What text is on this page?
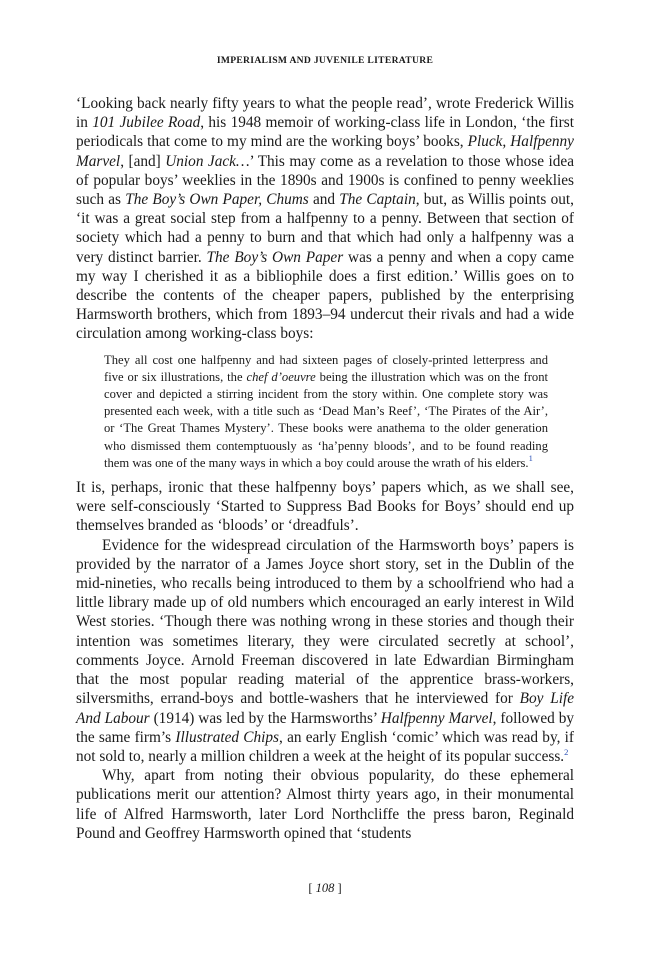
IMPERIALISM AND JUVENILE LITERATURE

‘Looking back nearly fifty years to what the people read’, wrote Frederick Willis in 101 Jubilee Road, his 1948 memoir of working-class life in London, ‘the first periodicals that come to my mind are the working boys’ books, Pluck, Halfpenny Marvel, [and] Union Jack…’ This may come as a revelation to those whose idea of popular boys’ weeklies in the 1890s and 1900s is confined to penny weeklies such as The Boy’s Own Paper, Chums and The Captain, but, as Willis points out, ‘it was a great social step from a halfpenny to a penny. Between that section of society which had a penny to burn and that which had only a halfpenny was a very distinct barrier. The Boy’s Own Paper was a penny and when a copy came my way I cherished it as a bibliophile does a first edition.’ Willis goes on to describe the contents of the cheaper papers, published by the enterprising Harmsworth brothers, which from 1893–94 undercut their rivals and had a wide circulation among working-class boys:

They all cost one halfpenny and had sixteen pages of closely-printed letterpress and five or six illustrations, the chef d’oeuvre being the illustration which was on the front cover and depicted a stirring incident from the story within. One complete story was presented each week, with a title such as ‘Dead Man’s Reef’, ‘The Pirates of the Air’, or ‘The Great Thames Mystery’. These books were anathema to the older generation who dismissed them contemptuously as ‘ha’penny bloods’, and to be found reading them was one of the many ways in which a boy could arouse the wrath of his elders.$^1$

It is, perhaps, ironic that these halfpenny boys’ papers which, as we shall see, were self-consciously ‘Started to Suppress Bad Books for Boys’ should end up themselves branded as ‘bloods’ or ‘dreadfuls’.

Evidence for the widespread circulation of the Harmsworth boys’ papers is provided by the narrator of a James Joyce short story, set in the Dublin of the mid-nineties, who recalls being introduced to them by a schoolfriend who had a little library made up of old numbers which encouraged an early interest in Wild West stories. ‘Though there was nothing wrong in these stories and though their intention was sometimes literary, they were circulated secretly at school’, comments Joyce. Arnold Freeman discovered in late Edwardian Birmingham that the most popular reading material of the apprentice brass-workers, silversmiths, errand-boys and bottle-washers that he interviewed for Boy Life And Labour (1914) was led by the Harmsworths’ Halfpenny Marvel, followed by the same firm’s Illustrated Chips, an early English ‘comic’ which was read by, if not sold to, nearly a million children a week at the height of its popular success.$^2$

Why, apart from noting their obvious popularity, do these ephemeral publications merit our attention? Almost thirty years ago, in their monumental life of Alfred Harmsworth, later Lord Northcliffe the press baron, Reginald Pound and Geoffrey Harmsworth opined that ‘students

[ 108 ]
